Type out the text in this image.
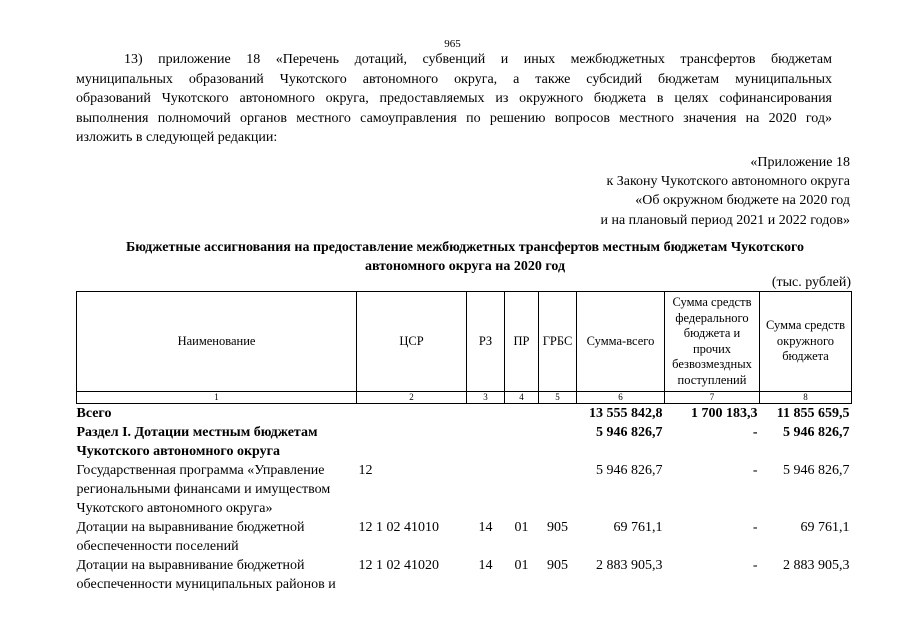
965
13) приложение 18 «Перечень дотаций, субвенций и иных межбюджетных трансфертов бюджетам
муниципальных образований Чукотского автономного округа, а также субсидий бюджетам муниципальных
образований Чукотского автономного округа, предоставляемых из окружного бюджета в целях софинансирования
выполнения полномочий органов местного самоуправления по решению вопросов местного значения на 2020 год»
изложить в следующей редакции:
«Приложение 18
к Закону Чукотского автономного округа
«Об окружном бюджете на 2020 год
и на плановый период 2021 и 2022 годов»
Бюджетные ассигнования на предоставление межбюджетных трансфертов местным бюджетам Чукотского
автономного округа на 2020 год
(тыс. рублей)
Наименование	ЦСР	РЗ	ПР	ГРБС	Сумма-всего	Сумма средств федерального бюджета и прочих безвозмездных поступлений	Сумма средств окружного бюджета
1	2	3	4	5	6	7	8
Всего					13 555 842,8	1 700 183,3	11 855 659,5
Раздел I. Дотации местным бюджетам Чукотского автономного округа					5 946 826,7	-	5 946 826,7
Государственная программа «Управление региональными финансами и имуществом Чукотского автономного округа»	12				5 946 826,7	-	5 946 826,7
Дотации на выравнивание бюджетной обеспеченности поселений	12 1 02 41010	14	01	905	69 761,1	-	69 761,1
Дотации на выравнивание бюджетной обеспеченности муниципальных районов и	12 1 02 41020	14	01	905	2 883 905,3	-	2 883 905,3
